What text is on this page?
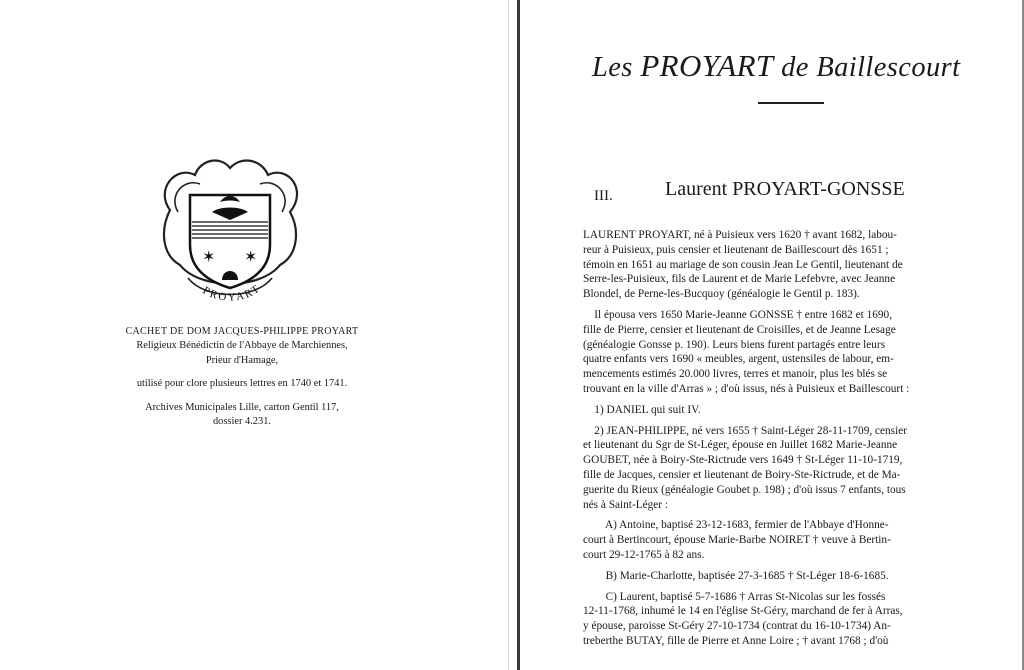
✶ ✶
PROYART

CACHET DE DOM JACQUES-PHILIPPE PROYART

Religieux Bénédictin de l'Abbaye de Marchiennes,

Prieur d'Hamage,

utilisé pour clore plusieurs lettres en 1740 et 1741.

Archives Municipales Lille, carton Gentil 117,

dossier 4.231.

Les PROYART de Baillescourt
III.	Laurent PROYART-GONSSE

LAURENT PROYART, né à Puisieux vers 1620 † avant 1682, labou-
reur à Puisieux, puis censier et lieutenant de Baillescourt dès 1651 ;
témoin en 1651 au mariage de son cousin Jean Le Gentil, lieutenant de
Serre-les-Puisieux, fils de Laurent et de Marie Lefebvre, avec Jeanne
Blondel, de Perne-les-Bucquoy (généalogie le Gentil p. 183).

Il épousa vers 1650 Marie-Jeanne GONSSE † entre 1682 et 1690,
fille de Pierre, censier et lieutenant de Croisilles, et de Jeanne Lesage
(généalogie Gonsse p. 190). Leurs biens furent partagés entre leurs
quatre enfants vers 1690 « meubles, argent, ustensiles de labour, em-
mencements estimés 20.000 livres, terres et manoir, plus les blés se
trouvant en la ville d'Arras » ; d'où issus, nés à Puisieux et Baillescourt :

1) DANIEL qui suit IV.

2) JEAN-PHILIPPE, né vers 1655 † Saint-Léger 28-11-1709, censier
et lieutenant du Sgr de St-Léger, épouse en Juillet 1682 Marie-Jeanne
GOUBET, née à Boiry-Ste-Rictrude vers 1649 † St-Léger 11-10-1719,
fille de Jacques, censier et lieutenant de Boiry-Ste-Rictrude, et de Ma-
guerite du Rieux (généalogie Goubet p. 198) ; d'où issus 7 enfants, tous
nés à Saint-Léger :

A) Antoine, baptisé 23-12-1683, fermier de l'Abbaye d'Honne-
court à Bertincourt, épouse Marie-Barbe NOIRET † veuve à Bertin-
court 29-12-1765 à 82 ans.

B) Marie-Charlotte, baptisée 27-3-1685 † St-Léger 18-6-1685.

C) Laurent, baptisé 5-7-1686 † Arras St-Nicolas sur les fossés
12-11-1768, inhumé le 14 en l'église St-Géry, marchand de fer à Arras,
y épouse, paroisse St-Géry 27-10-1734 (contrat du 16-10-1734) An-
treberthe BUTAY, fille de Pierre et Anne Loire ; † avant 1768 ; d'où
